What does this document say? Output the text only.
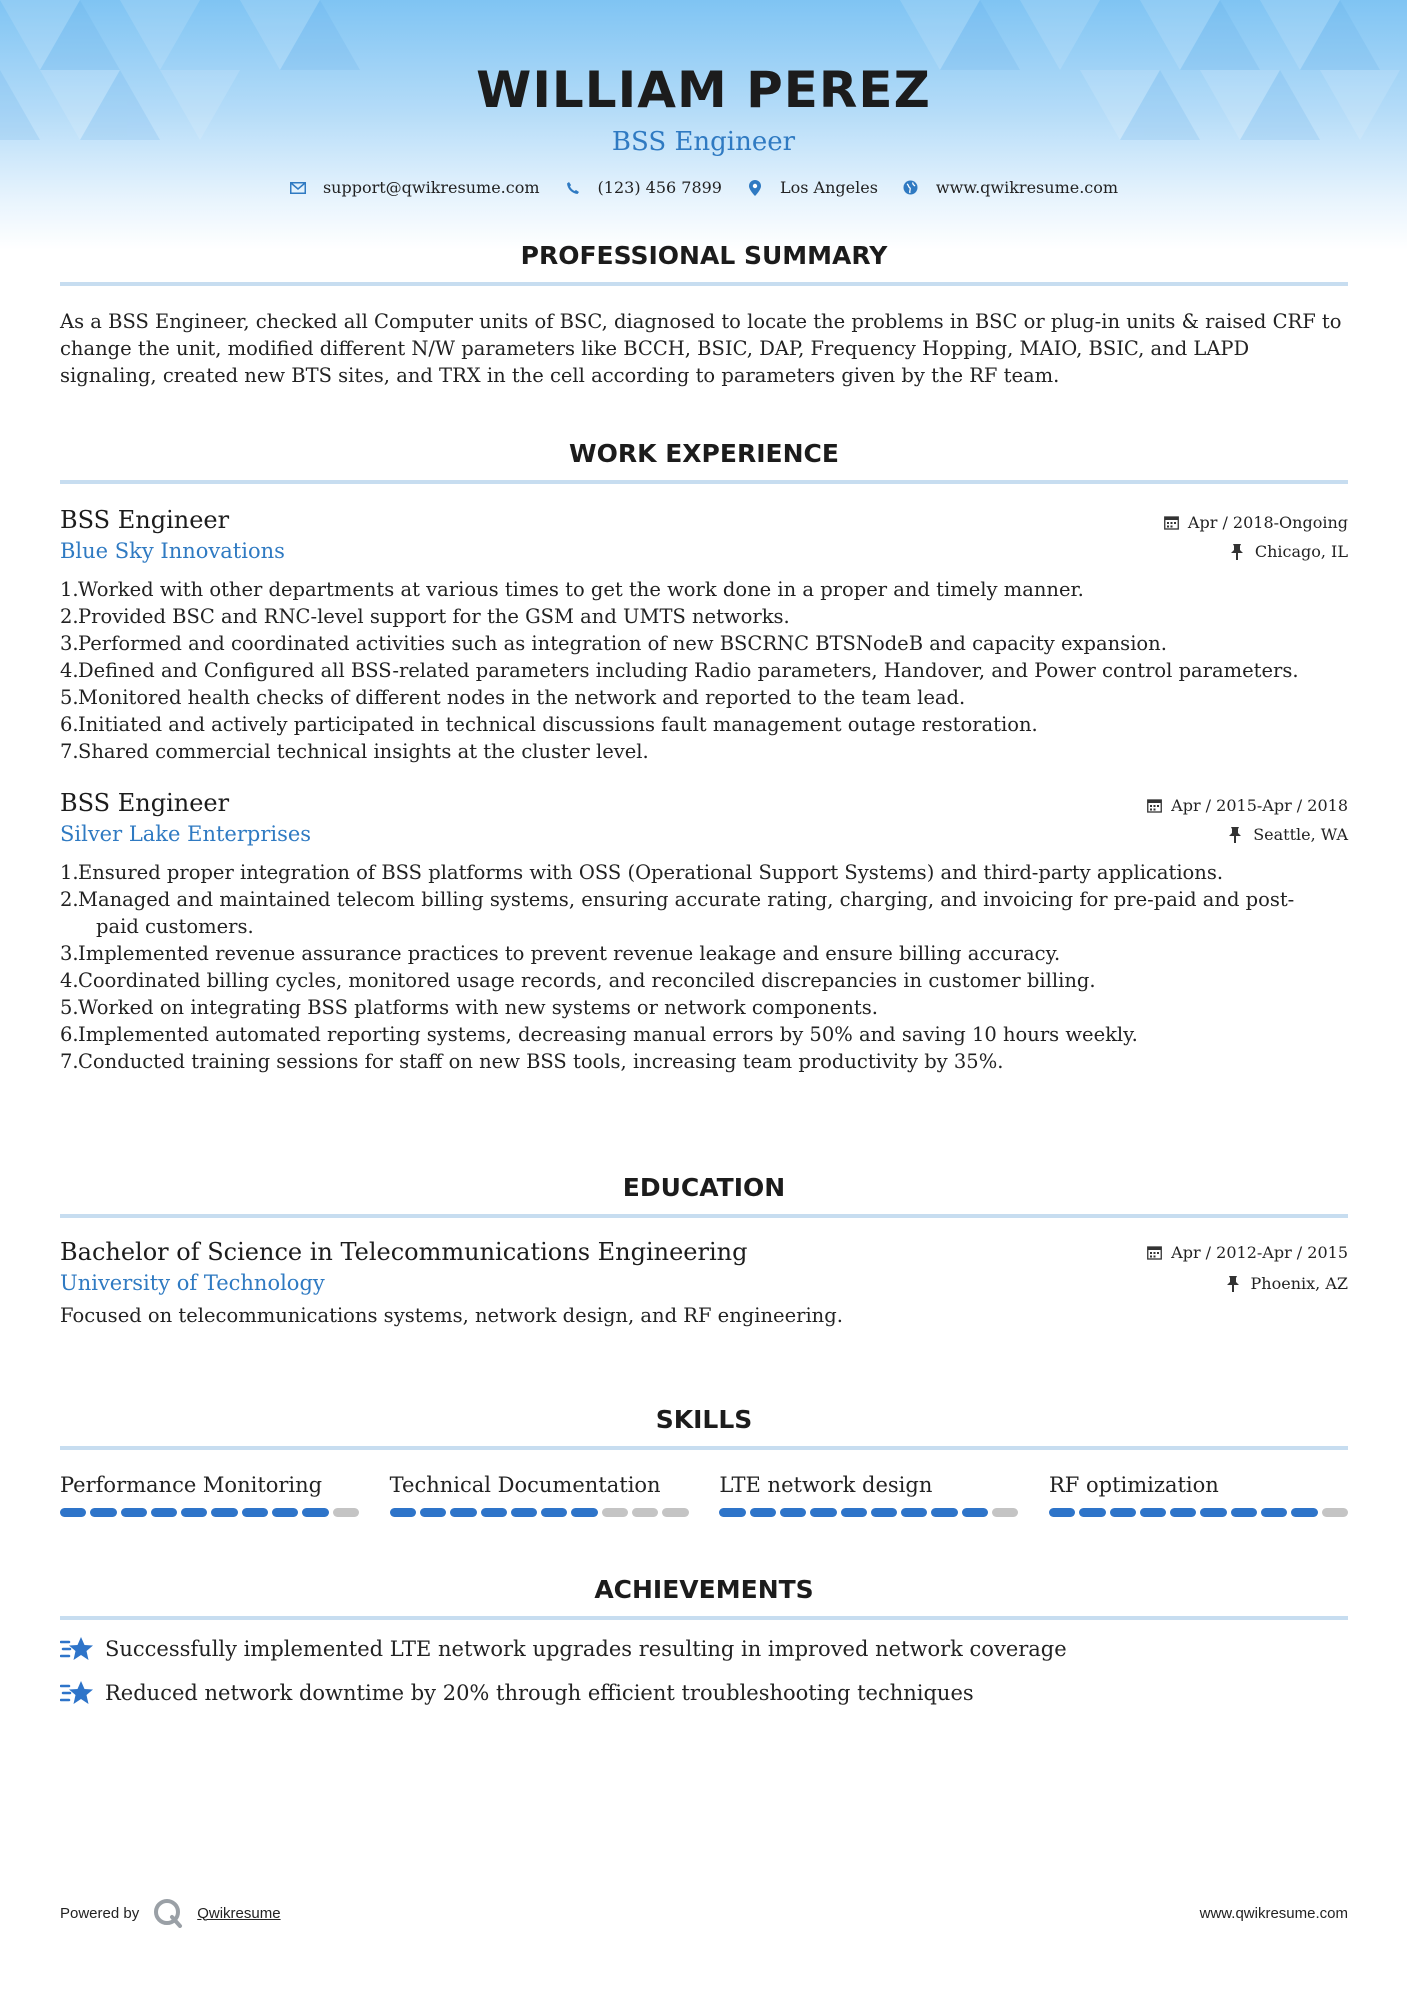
WILLIAM PEREZ
BSS Engineer
support@qwikresume.com	(123) 456 7899	Los Angeles	www.qwikresume.com
PROFESSIONAL SUMMARY

As a BSS Engineer, checked all Computer units of BSC, diagnosed to locate the problems in BSC or plug-in units & raised CRF to change the unit, modified different N/W parameters like BCCH, BSIC, DAP, Frequency Hopping, MAIO, BSIC, and LAPD signaling, created new BTS sites, and TRX in the cell according to parameters given by the RF team.

WORK EXPERIENCE
BSS Engineer	Apr / 2018-Ongoing
Blue Sky Innovations	Chicago, IL
1. Worked with other departments at various times to get the work done in a proper and timely manner.
2. Provided BSC and RNC-level support for the GSM and UMTS networks.
3. Performed and coordinated activities such as integration of new BSCRNC BTSNodeB and capacity expansion.
4. Defined and Configured all BSS-related parameters including Radio parameters, Handover, and Power control parameters.
5. Monitored health checks of different nodes in the network and reported to the team lead.
6. Initiated and actively participated in technical discussions fault management outage restoration.
7. Shared commercial technical insights at the cluster level.
BSS Engineer	Apr / 2015-Apr / 2018
Silver Lake Enterprises	Seattle, WA
1. Ensured proper integration of BSS platforms with OSS (Operational Support Systems) and third-party applications.
2. Managed and maintained telecom billing systems, ensuring accurate rating, charging, and invoicing for pre-paid and post-paid customers.
3. Implemented revenue assurance practices to prevent revenue leakage and ensure billing accuracy.
4. Coordinated billing cycles, monitored usage records, and reconciled discrepancies in customer billing.
5. Worked on integrating BSS platforms with new systems or network components.
6. Implemented automated reporting systems, decreasing manual errors by 50% and saving 10 hours weekly.
7. Conducted training sessions for staff on new BSS tools, increasing team productivity by 35%.
EDUCATION
Bachelor of Science in Telecommunications Engineering	Apr / 2012-Apr / 2015
University of Technology	Phoenix, AZ

Focused on telecommunications systems, network design, and RF engineering.

SKILLS
Performance Monitoring	Technical Documentation	LTE network design	RF optimization
ACHIEVEMENTS
Successfully implemented LTE network upgrades resulting in improved network coverage
Reduced network downtime by 20% through efficient troubleshooting techniques
Powered by	Qwikresume	www.qwikresume.com
